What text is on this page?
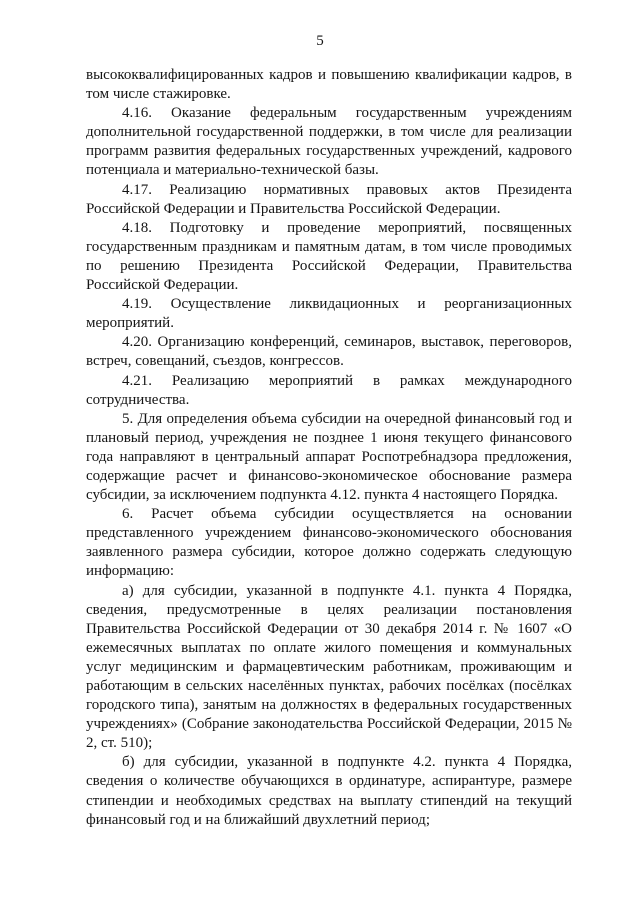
5

высококвалифицированных кадров и повышению квалификации кадров, в том числе стажировке.

4.16. Оказание федеральным государственным учреждениям дополнительной государственной поддержки, в том числе для реализации программ развития федеральных государственных учреждений, кадрового потенциала и материально-технической базы.

4.17. Реализацию нормативных правовых актов Президента Российской Федерации и Правительства Российской Федерации.

4.18. Подготовку и проведение мероприятий, посвященных государственным праздникам и памятным датам, в том числе проводимых по решению Президента Российской Федерации, Правительства Российской Федерации.

4.19. Осуществление ликвидационных и реорганизационных мероприятий.

4.20. Организацию конференций, семинаров, выставок, переговоров, встреч, совещаний, съездов, конгрессов.

4.21. Реализацию мероприятий в рамках международного сотрудничества.

5. Для определения объема субсидии на очередной финансовый год и плановый период, учреждения не позднее 1 июня текущего финансового года направляют в центральный аппарат Роспотребнадзора предложения, содержащие расчет и финансово-экономическое обоснование размера субсидии, за исключением подпункта 4.12. пункта 4 настоящего Порядка.

6. Расчет объема субсидии осуществляется на основании представленного учреждением финансово-экономического обоснования заявленного размера субсидии, которое должно содержать следующую информацию:

а) для субсидии, указанной в подпункте 4.1. пункта 4 Порядка, сведения, предусмотренные в целях реализации постановления Правительства Российской Федерации от 30 декабря 2014 г. № 1607 «О ежемесячных выплатах по оплате жилого помещения и коммунальных услуг медицинским и фармацевтическим работникам, проживающим и работающим в сельских населённых пунктах, рабочих посёлках (посёлках городского типа), занятым на должностях в федеральных государственных учреждениях» (Собрание законодательства Российской Федерации, 2015 № 2, ст. 510);

б) для субсидии, указанной в подпункте 4.2. пункта 4 Порядка, сведения о количестве обучающихся в ординатуре, аспирантуре, размере стипендии и необходимых средствах на выплату стипендий на текущий финансовый год и на ближайший двухлетний период;
